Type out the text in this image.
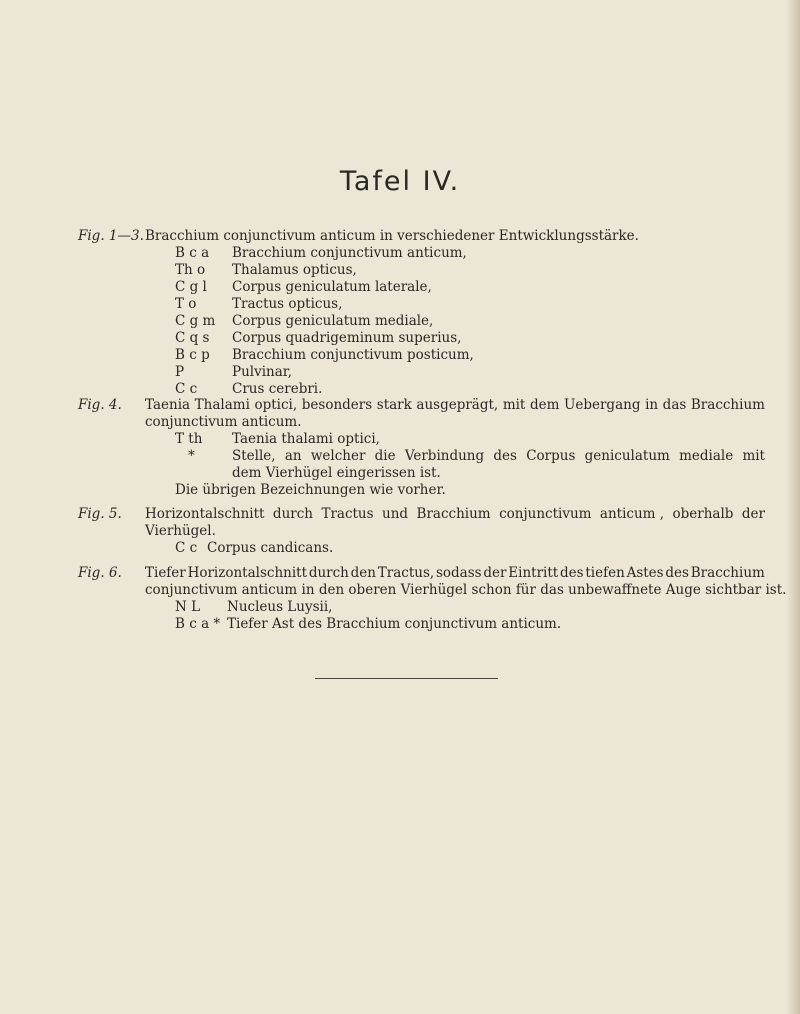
Tafel IV.
Fig. 1—3. Bracchium conjunctivum anticum in verschiedener Entwicklungsstärke.
B c a	Bracchium conjunctivum anticum,
Th o	Thalamus opticus,
C g l	Corpus geniculatum laterale,
T o	Tractus opticus,
C g m	Corpus geniculatum mediale,
C q s	Corpus quadrigeminum superius,
B c p	Bracchium conjunctivum posticum,
P	Pulvinar,
C c	Crus cerebri.
Fig. 4. Taenia Thalami optici, besonders stark ausgeprägt, mit dem Uebergang in das Bracchium
conjunctivum anticum.
T th	Taenia thalami optici,
*	Stelle, an welcher die Verbindung des Corpus geniculatum mediale mit
dem Vierhügel eingerissen ist.
Die übrigen Bezeichnungen wie vorher.
Fig. 5. Horizontalschnitt durch Tractus und Bracchium conjunctivum anticum , oberhalb der
Vierhügel.
C c Corpus candicans.
Fig. 6. Tiefer Horizontalschnitt durch den Tractus, sodass der Eintritt des tiefen Astes des Bracchium
conjunctivum anticum in den oberen Vierhügel schon für das unbewaffnete Auge sichtbar ist.
N L	Nucleus Luysii,
B c a * Tiefer Ast des Bracchium conjunctivum anticum.
